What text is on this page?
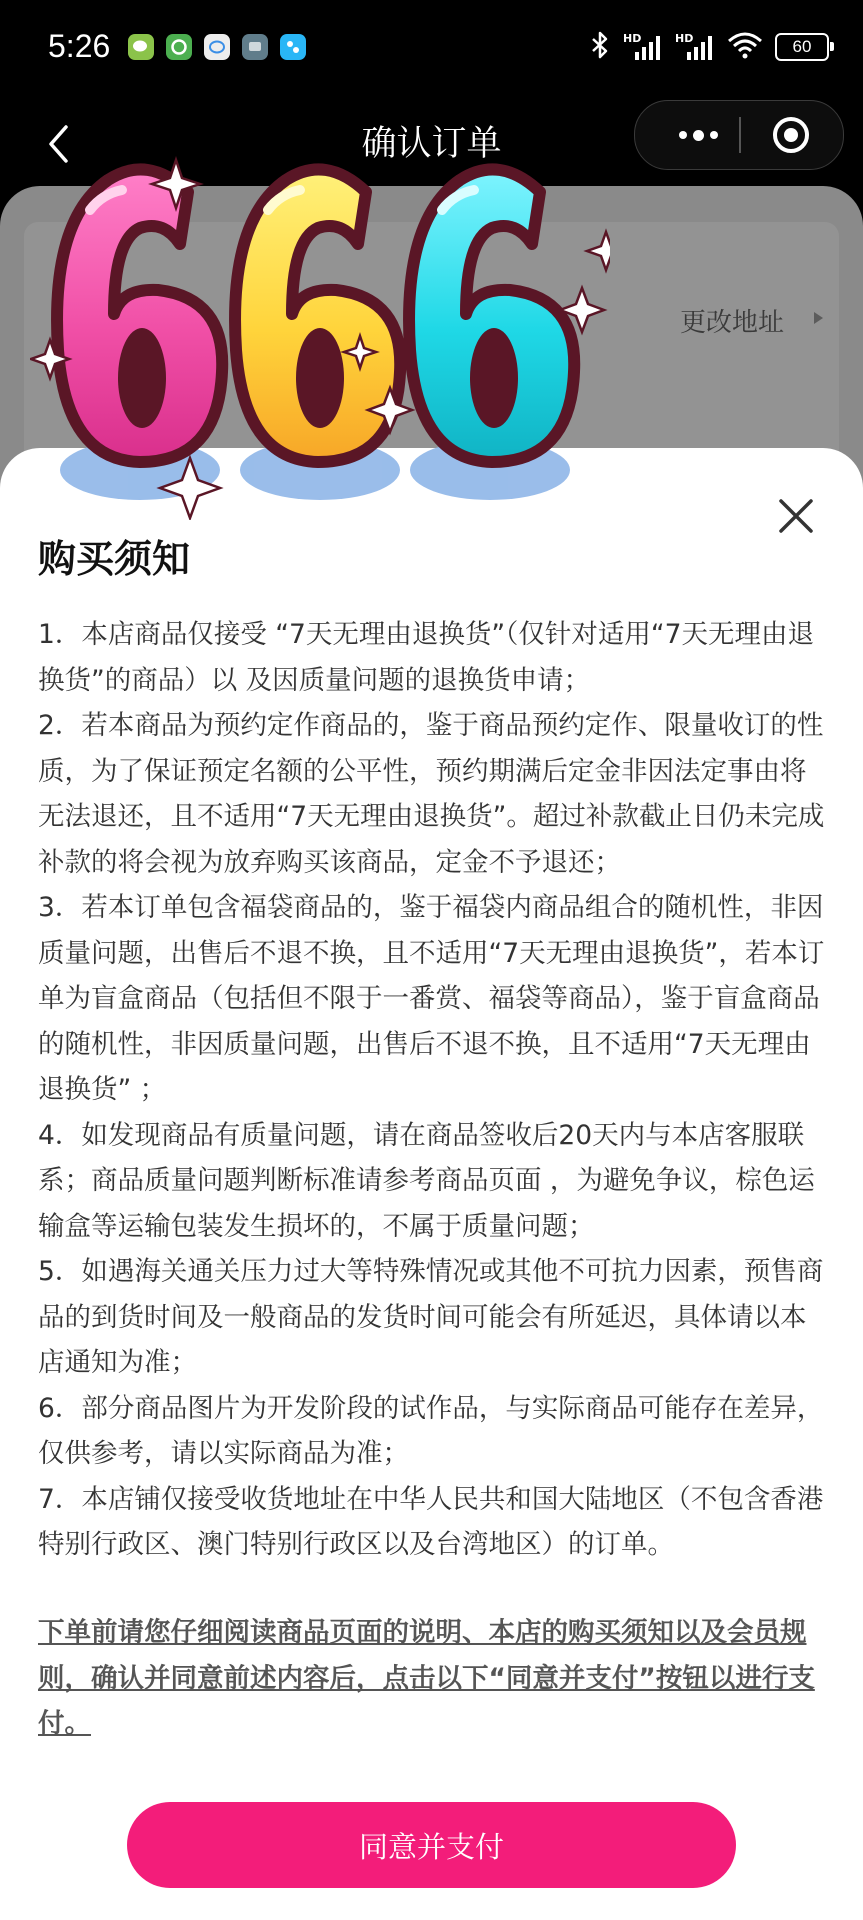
5:26	HD	HD	60
确认订单
更改地址
购买须知

1．本店商品仅接受 “7天无理由退换货”（仅针对适用“7天无理由退换货”的商品）以 及因质量问题的退换货申请；

2．若本商品为预约定作商品的，鉴于商品预约定作、限量收订的性质，为了保证预定名额的公平性，预约期满后定金非因法定事由将无法退还，且不适用“7天无理由退换货”。超过补款截止日仍未完成补款的将会视为放弃购买该商品，定金不予退还；

3．若本订单包含福袋商品的，鉴于福袋内商品组合的随机性，非因质量问题，出售后不退不换，且不适用“7天无理由退换货”，若本订单为盲盒商品（包括但不限于一番赏、福袋等商品），鉴于盲盒商品的随机性，非因质量问题，出售后不退不换，且不适用“7天无理由退换货” ；

4．如发现商品有质量问题，请在商品签收后20天内与本店客服联系；商品质量问题判断标准请参考商品页面 ，为避免争议，棕色运输盒等运输包装发生损坏的，不属于质量问题；

5．如遇海关通关压力过大等特殊情况或其他不可抗力因素，预售商品的到货时间及一般商品的发货时间可能会有所延迟，具体请以本店通知为准；

6．部分商品图片为开发阶段的试作品，与实际商品可能存在差异，仅供参考，请以实际商品为准；

7．本店铺仅接受收货地址在中华人民共和国大陆地区（不包含香港特别行政区、澳门特别行政区以及台湾地区）的订单。

下单前请您仔细阅读商品页面的说明、本店的购买须知以及会员规则，确认并同意前述内容后，点击以下“同意并支付”按钮以进行支付。
同意并支付
